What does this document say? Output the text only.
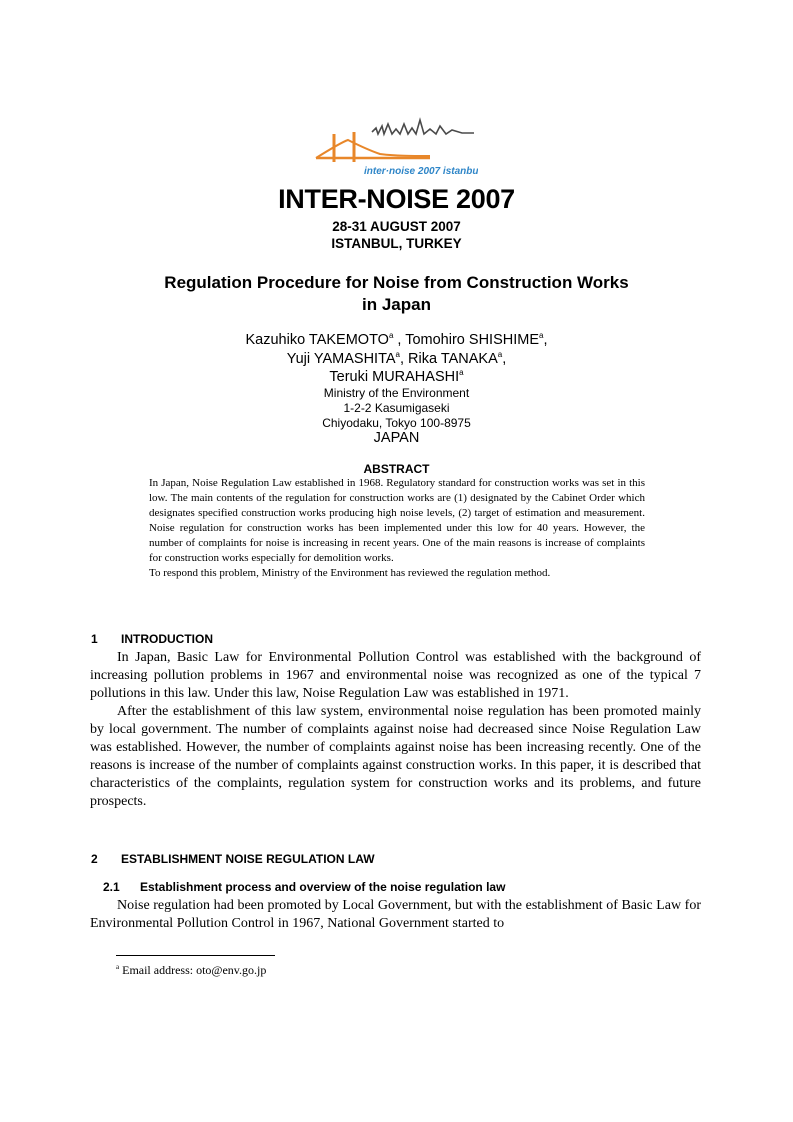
inter·noise 2007 istanbul
INTER-NOISE 2007
28-31 AUGUST 2007
ISTANBUL, TURKEY
Regulation Procedure for Noise from Construction Works
in Japan
Kazuhiko TAKEMOTO$^a$ , Tomohiro SHISHIME$^a$,
Yuji YAMASHITA$^a$, Rika TANAKA$^a$,
Teruki MURAHASHI$^a$
Ministry of the Environment
1-2-2 Kasumigaseki
Chiyodaku, Tokyo 100-8975
JAPAN
ABSTRACT

In Japan, Noise Regulation Law established in 1968. Regulatory standard for construction works was set in this low. The main contents of the regulation for construction works are (1) designated by the Cabinet Order which designates specified construction works producing high noise levels, (2) target of estimation and measurement. Noise regulation for construction works has been implemented under this low for 40 years. However, the number of complaints for noise is increasing in recent years. One of the main reasons is increase of complaints for construction works especially for demolition works.

To respond this problem, Ministry of the Environment has reviewed the regulation method.

1 INTRODUCTION

In Japan, Basic Law for Environmental Pollution Control was established with the background of increasing pollution problems in 1967 and environmental noise was recognized as one of the typical 7 pollutions in this law. Under this law, Noise Regulation Law was established in 1971.

After the establishment of this law system, environmental noise regulation has been promoted mainly by local government. The number of complaints against noise had decreased since Noise Regulation Law was established. However, the number of complaints against noise has been increasing recently. One of the reasons is increase of the number of complaints against construction works. In this paper, it is described that characteristics of the complaints, regulation system for construction works and its problems, and future prospects.

2 ESTABLISHMENT NOISE REGULATION LAW
2.1 Establishment process and overview of the noise regulation law

Noise regulation had been promoted by Local Government, but with the establishment of Basic Law for Environmental Pollution Control in 1967, National Government started to

$^a$ Email address: oto@env.go.jp
